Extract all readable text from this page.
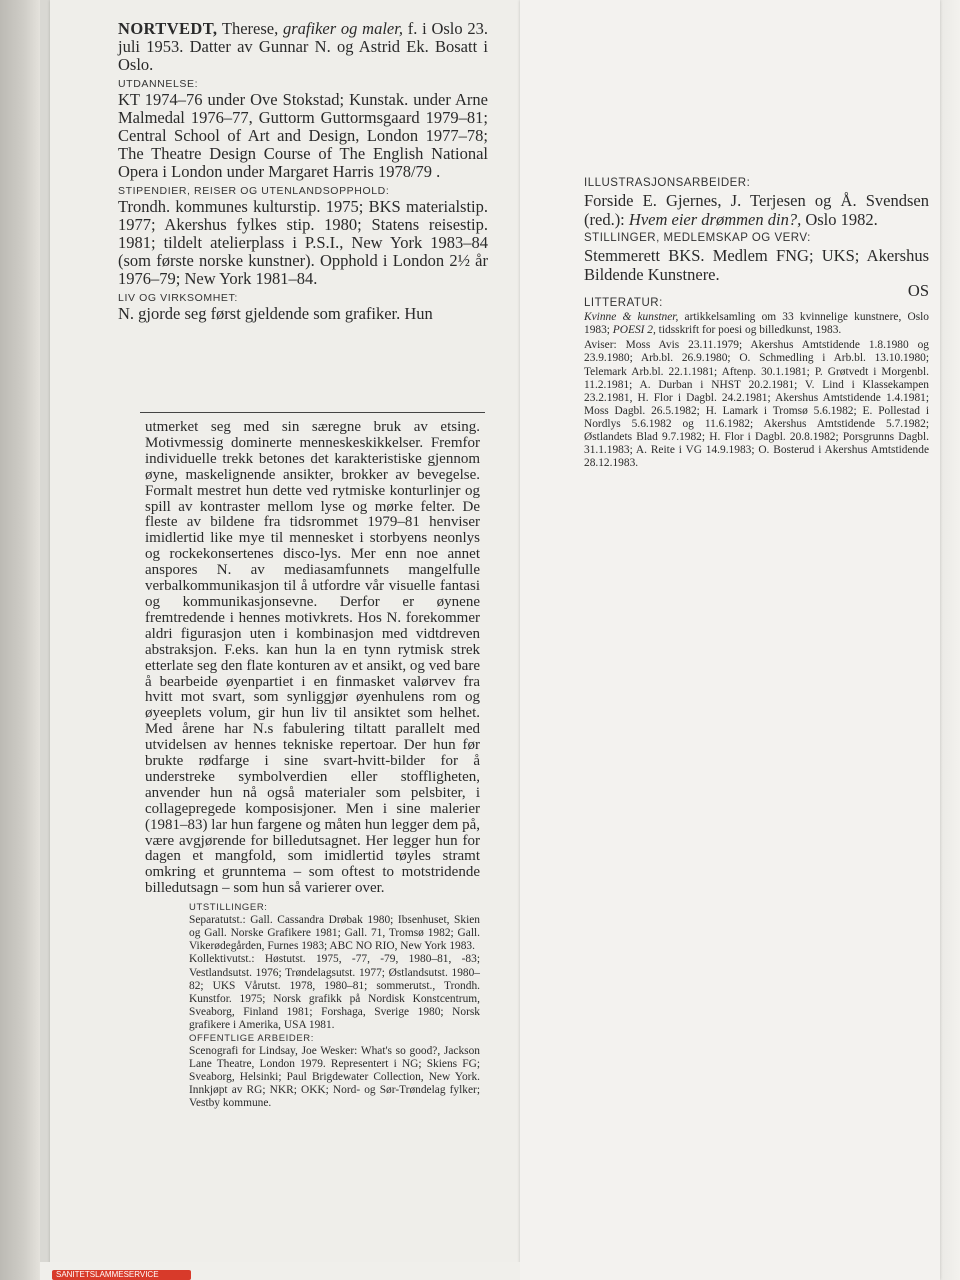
NORTVEDT, Therese, grafiker og maler, f. i Oslo 23. juli 1953. Datter av Gunnar N. og Astrid Ek. Bosatt i Oslo.

UTDANNELSE:

KT 1974–76 under Ove Stokstad; Kunstak. under Arne Malmedal 1976–77, Guttorm Guttormsgaard 1979–81; Central School of Art and Design, London 1977–78; The Theatre Design Course of The English National Opera i London under Margaret Harris 1978/79 .

STIPENDIER, REISER OG UTENLANDSOPPHOLD:

Trondh. kommunes kulturstip. 1975; BKS materialstip. 1977; Akershus fylkes stip. 1980; Statens reisestip. 1981; tildelt atelierplass i P.S.I., New York 1983–84 (som første norske kunstner). Opphold i London 2½ år 1976–79; New York 1981–84.

LIV OG VIRKSOMHET:

N. gjorde seg først gjeldende som grafiker. Hun

utmerket seg med sin særegne bruk av etsing. Motivmessig dominerte menneskeskikkelser. Fremfor individuelle trekk betones det karakteristiske gjennom øyne, maskelignende ansikter, brokker av bevegelse. Formalt mestret hun dette ved rytmiske konturlinjer og spill av kontraster mellom lyse og mørke felter. De fleste av bildene fra tidsrommet 1979–81 henviser imidlertid like mye til mennesket i storbyens neonlys og rockekonsertenes disco-lys. Mer enn noe annet anspores N. av mediasamfunnets mangelfulle verbalkommunikasjon til å utfordre vår visuelle fantasi og kommunikasjonsevne. Derfor er øynene fremtredende i hennes motivkrets. Hos N. forekommer aldri figurasjon uten i kombinasjon med vidtdreven abstraksjon. F.eks. kan hun la en tynn rytmisk strek etterlate seg den flate konturen av et ansikt, og ved bare å bearbeide øyenpartiet i en finmasket valørvev fra hvitt mot svart, som synliggjør øyenhulens rom og øyeeplets volum, gir hun liv til ansiktet som helhet. Med årene har N.s fabulering tiltatt parallelt med utvidelsen av hennes tekniske repertoar. Der hun før brukte rødfarge i sine svart-hvitt-bilder for å understreke symbolverdien eller stoffligheten, anvender hun nå også materialer som pelsbiter, i collagepregede komposisjoner. Men i sine malerier (1981–83) lar hun fargene og måten hun legger dem på, være avgjørende for billedutsagnet. Her legger hun for dagen et mangfold, som imidlertid tøyles stramt omkring et grunntema – som oftest to motstridende billedutsagn – som hun så varierer over.

UTSTILLINGER:

Separatutst.: Gall. Cassandra Drøbak 1980; Ibsenhuset, Skien og Gall. Norske Grafikere 1981; Gall. 71, Tromsø 1982; Gall. Vikerødegården, Furnes 1983; ABC NO RIO, New York 1983.

Kollektivutst.: Høstutst. 1975, -77, -79, 1980–81, -83; Vestlandsutst. 1976; Trøndelagsutst. 1977; Østlandsutst. 1980–82; UKS Vårutst. 1978, 1980–81; sommerutst., Trondh. Kunstfor. 1975; Norsk grafikk på Nordisk Konstcentrum, Sveaborg, Finland 1981; Forshaga, Sverige 1980; Norsk grafikere i Amerika, USA 1981.

OFFENTLIGE ARBEIDER:

Scenografi for Lindsay, Joe Wesker: What's so good?, Jackson Lane Theatre, London 1979. Representert i NG; Skiens FG; Sveaborg, Helsinki; Paul Brigdewater Collection, New York. Innkjøpt av RG; NKR; OKK; Nord- og Sør-Trøndelag fylker; Vestby kommune.

ILLUSTRASJONSARBEIDER:

Forside E. Gjernes, J. Terjesen og Å. Svendsen (red.): Hvem eier drømmen din?, Oslo 1982.

STILLINGER, MEDLEMSKAP OG VERV:

Stemmerett BKS. Medlem FNG; UKS; Akershus Bildende Kunstnere.

OS

LITTERATUR:

Kvinne & kunstner, artikkelsamling om 33 kvinnelige kunstnere, Oslo 1983; POESI 2, tidsskrift for poesi og billedkunst, 1983.

Aviser: Moss Avis 23.11.1979; Akershus Amtstidende 1.8.1980 og 23.9.1980; Arb.bl. 26.9.1980; O. Schmedling i Arb.bl. 13.10.1980; Telemark Arb.bl. 22.1.1981; Aftenp. 30.1.1981; P. Grøtvedt i Morgenbl. 11.2.1981; A. Durban i NHST 20.2.1981; V. Lind i Klassekampen 23.2.1981, H. Flor i Dagbl. 24.2.1981; Akershus Amtstidende 1.4.1981; Moss Dagbl. 26.5.1982; H. Lamark i Tromsø 5.6.1982; E. Pollestad i Nordlys 5.6.1982 og 11.6.1982; Akershus Amtstidende 5.7.1982; Østlandets Blad 9.7.1982; H. Flor i Dagbl. 20.8.1982; Porsgrunns Dagbl. 31.1.1983; A. Reite i VG 14.9.1983; O. Bosterud i Akershus Amtstidende 28.12.1983.

SANITETSLAMMESERVICE
